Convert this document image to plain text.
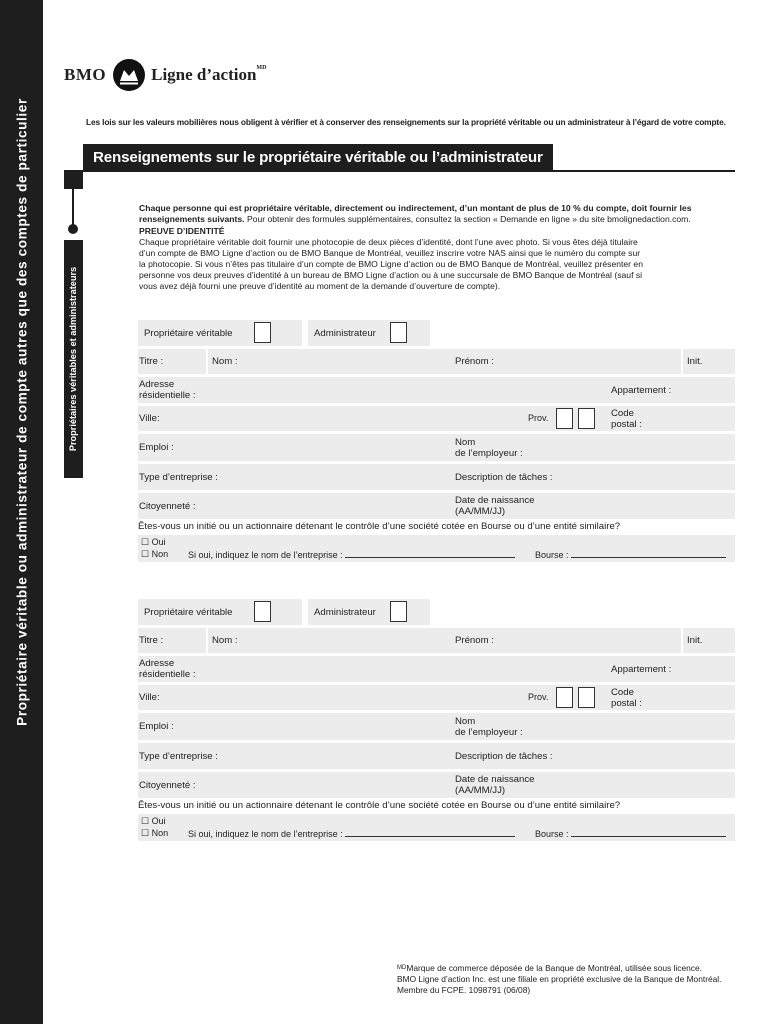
Propriétaire véritable ou administrateur de compte autres que des comptes de particulier
BMO	Ligne d’action$^{MD}$
Les lois sur les valeurs mobilières nous obligent à vérifier et à conserver des renseignements sur la propriété véritable ou un administrateur à l’égard de votre compte.
Renseignements sur le propriétaire véritable ou l’administrateur
Propriétaires véritables et administrateurs
Chaque personne qui est propriétaire véritable, directement ou indirectement, d’un montant de plus de 10 % du compte, doit fournir les
renseignements suivants. Pour obtenir des formules supplémentaires, consultez la section « Demande en ligne » du site bmolignedaction.com.
PREUVE D’IDENTITÉ
Chaque propriétaire véritable doit fournir une photocopie de deux pièces d’identité, dont l’une avec photo. Si vous êtes déjà titulaire
d’un compte de BMO Ligne d’action ou de BMO Banque de Montréal, veuillez inscrire votre NAS ainsi que le numéro du compte sur
la photocopie. Si vous n’êtes pas titulaire d’un compte de BMO Ligne d’action ou de BMO Banque de Montréal, veuillez présenter en
personne vos deux preuves d’identité à un bureau de BMO Ligne d’action ou à une succursale de BMO Banque de Montréal (sauf si
vous avez déjà fourni une preuve d’identité au moment de la demande d’ouverture de compte).
Propriétaire véritable	Administrateur
Titre :	Nom :	Prénom :	Init.
Adresse
résidentielle :	Appartement :
Ville:	Prov.	Code
postal :
Emploi :	Nom
de l’employeur :
Type d’entreprise :	Description de tâches :
Citoyenneté :	Date de naissance
(AA/MM/JJ)
Êtes-vous un initié ou un actionnaire détenant le contrôle d’une société cotée en Bourse ou d’une entité similaire?
☐ Oui
☐ Non Si oui, indiquez le nom de l’entreprise :	Bourse :
Propriétaire véritable	Administrateur
Titre :	Nom :	Prénom :	Init.
Adresse
résidentielle :	Appartement :
Ville:	Prov.	Code
postal :
Emploi :	Nom
de l’employeur :
Type d’entreprise :	Description de tâches :
Citoyenneté :	Date de naissance
(AA/MM/JJ)
Êtes-vous un initié ou un actionnaire détenant le contrôle d’une société cotée en Bourse ou d’une entité similaire?
☐ Oui
☐ Non Si oui, indiquez le nom de l’entreprise :	Bourse :
$^{MD}$Marque de commerce déposée de la Banque de Montréal, utilisée sous licence.
BMO Ligne d’action Inc. est une filiale en propriété exclusive de la Banque de Montréal.
Membre du FCPE. 1098791 (06/08)
